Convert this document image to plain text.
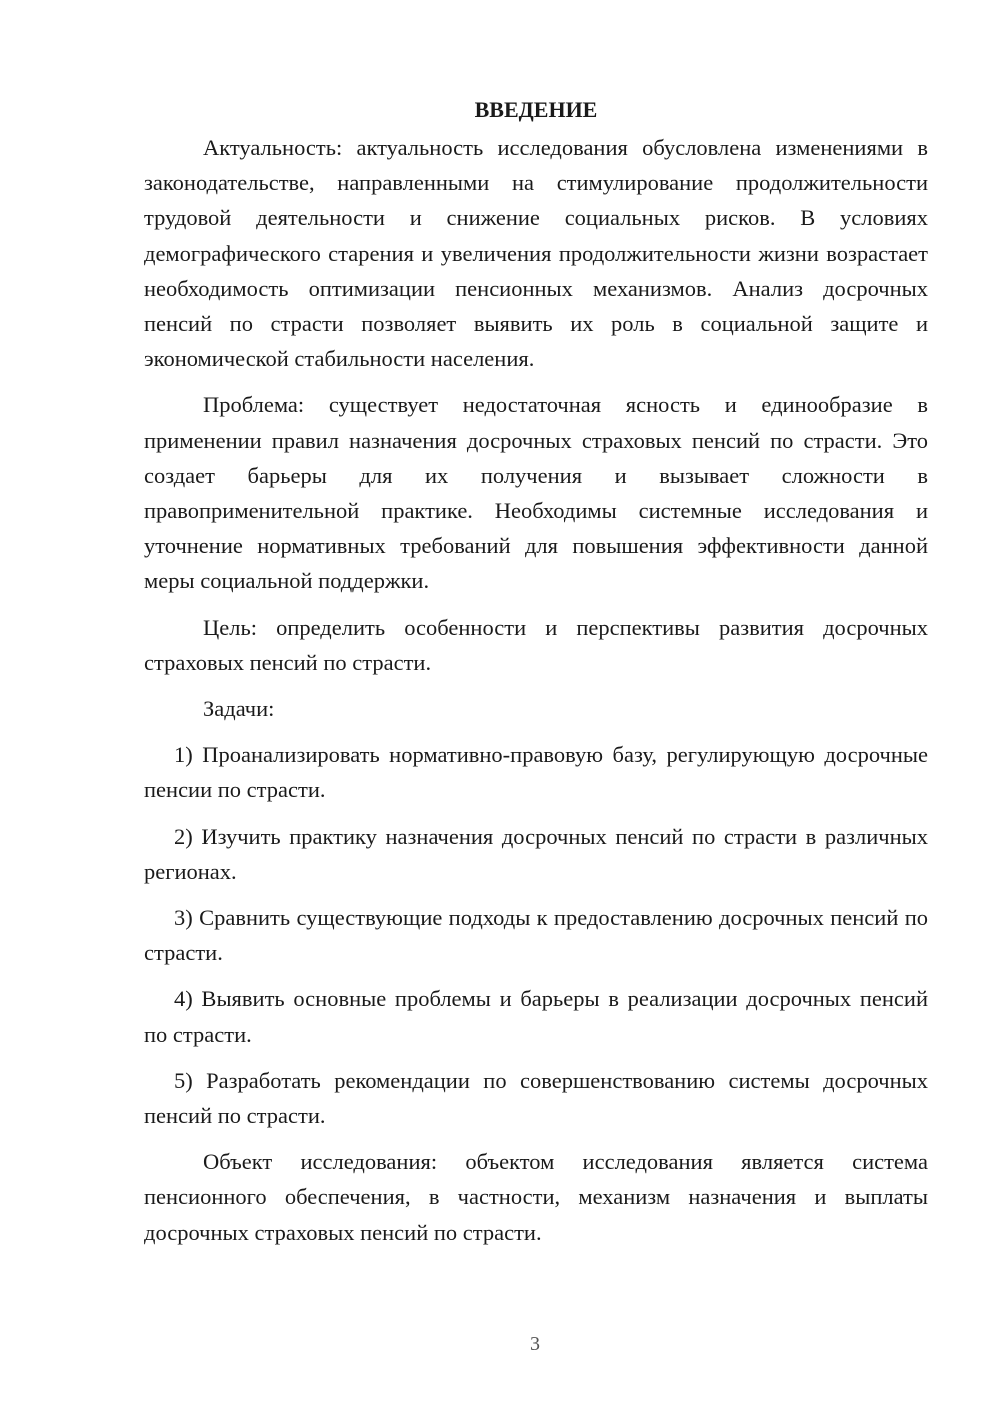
ВВЕДЕНИЕ

Актуальность: актуальность исследования обусловлена изменениями в законодательстве, направленными на стимулирование продолжительности трудовой деятельности и снижение социальных рисков. В условиях демографического старения и увеличения продолжительности жизни возрастает необходимость оптимизации пенсионных механизмов. Анализ досрочных пенсий по страсти позволяет выявить их роль в социальной защите и экономической стабильности населения.

Проблема: существует недостаточная ясность и единообразие в применении правил назначения досрочных страховых пенсий по страсти. Это создает барьеры для их получения и вызывает сложности в правоприменительной практике. Необходимы системные исследования и уточнение нормативных требований для повышения эффективности данной меры социальной поддержки.

Цель: определить особенности и перспективы развития досрочных страховых пенсий по страсти.

Задачи:

1) Проанализировать нормативно-правовую базу, регулирующую досрочные пенсии по страсти.

2) Изучить практику назначения досрочных пенсий по страсти в различных регионах.

3) Сравнить существующие подходы к предоставлению досрочных пенсий по страсти.

4) Выявить основные проблемы и барьеры в реализации досрочных пенсий по страсти.

5) Разработать рекомендации по совершенствованию системы досрочных пенсий по страсти.

Объект исследования: объектом исследования является система пенсионного обеспечения, в частности, механизм назначения и выплаты досрочных страховых пенсий по страсти.

3
